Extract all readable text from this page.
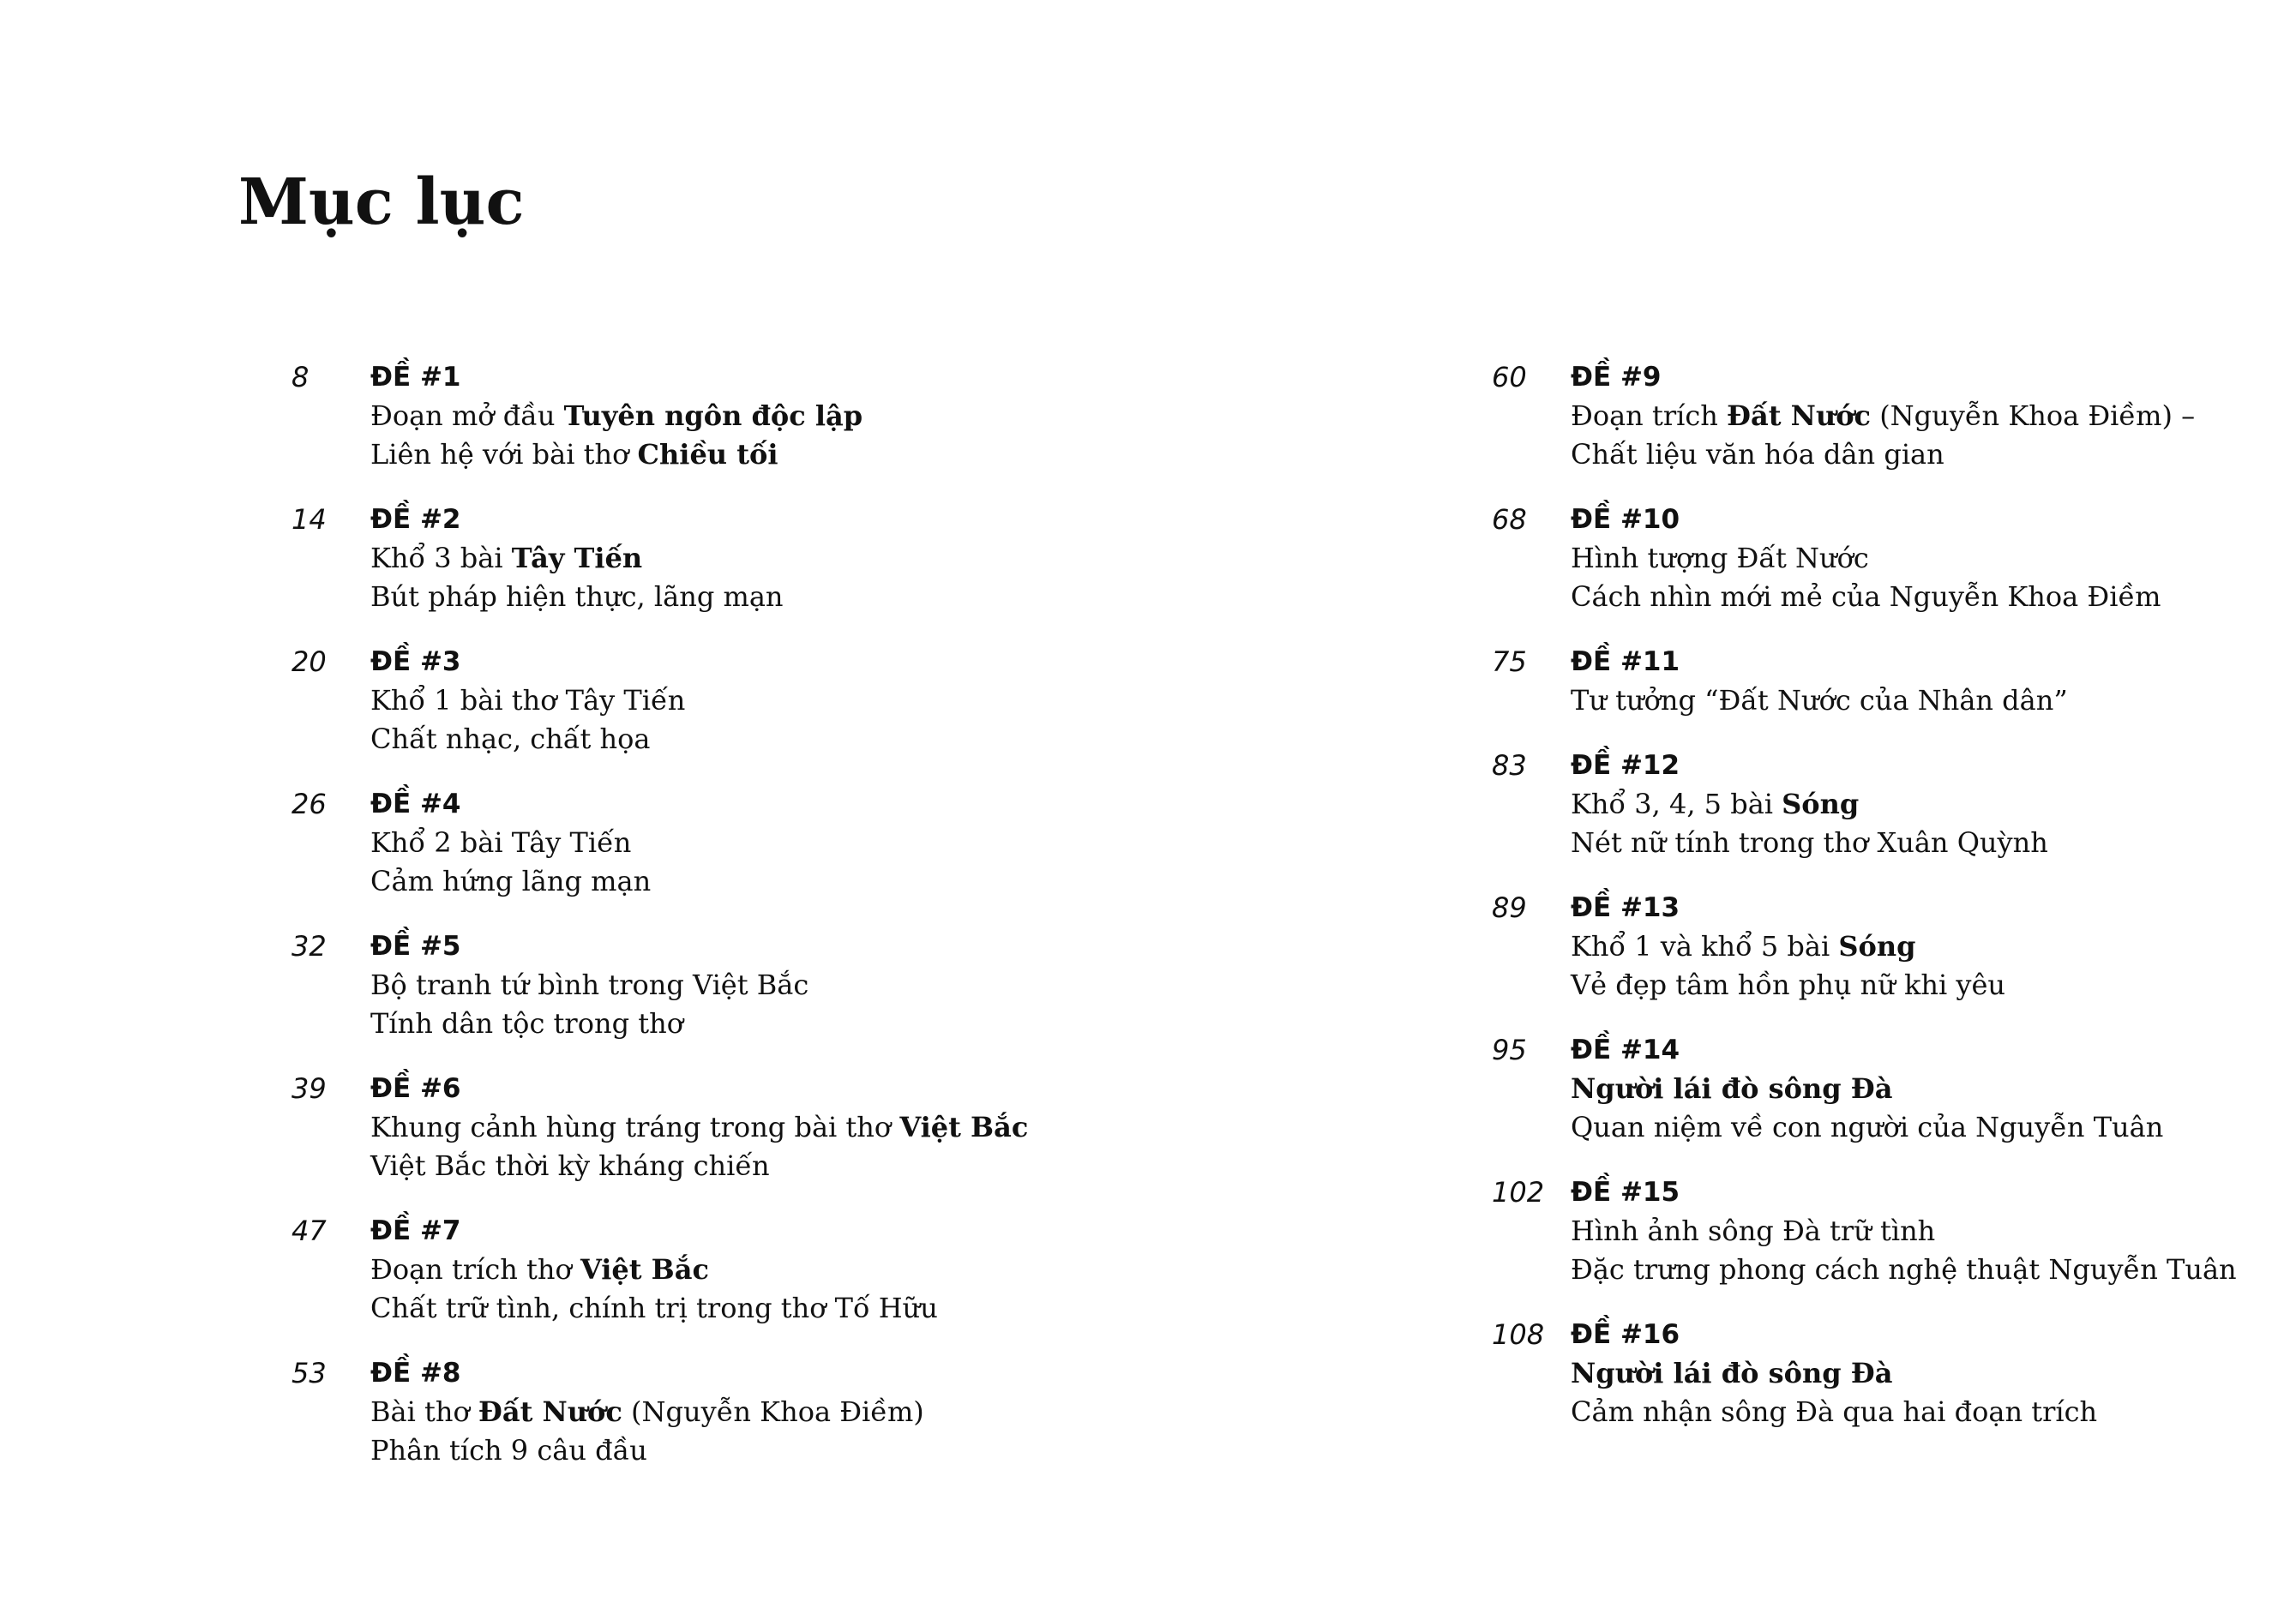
Mục lục
8	ĐỀ #1
Đoạn mở đầu Tuyên ngôn độc lập
Liên hệ với bài thơ Chiều tối
14	ĐỀ #2
Khổ 3 bài Tây Tiến
Bút pháp hiện thực, lãng mạn
20	ĐỀ #3
Khổ 1 bài thơ Tây Tiến
Chất nhạc, chất họa
26	ĐỀ #4
Khổ 2 bài Tây Tiến
Cảm hứng lãng mạn
32	ĐỀ #5
Bộ tranh tứ bình trong Việt Bắc
Tính dân tộc trong thơ
39	ĐỀ #6
Khung cảnh hùng tráng trong bài thơ Việt Bắc
Việt Bắc thời kỳ kháng chiến
47	ĐỀ #7
Đoạn trích thơ Việt Bắc
Chất trữ tình, chính trị trong thơ Tố Hữu
53	ĐỀ #8
Bài thơ Đất Nước (Nguyễn Khoa Điềm)
Phân tích 9 câu đầu
60	ĐỀ #9
Đoạn trích Đất Nước (Nguyễn Khoa Điềm) –
Chất liệu văn hóa dân gian
68	ĐỀ #10
Hình tượng Đất Nước
Cách nhìn mới mẻ của Nguyễn Khoa Điềm
75	ĐỀ #11
Tư tưởng “Đất Nước của Nhân dân”
83	ĐỀ #12
Khổ 3, 4, 5 bài Sóng
Nét nữ tính trong thơ Xuân Quỳnh
89	ĐỀ #13
Khổ 1 và khổ 5 bài Sóng
Vẻ đẹp tâm hồn phụ nữ khi yêu
95	ĐỀ #14
Người lái đò sông Đà
Quan niệm về con người của Nguyễn Tuân
102 ĐỀ #15
Hình ảnh sông Đà trữ tình
Đặc trưng phong cách nghệ thuật Nguyễn Tuân
108 ĐỀ #16
Người lái đò sông Đà
Cảm nhận sông Đà qua hai đoạn trích
